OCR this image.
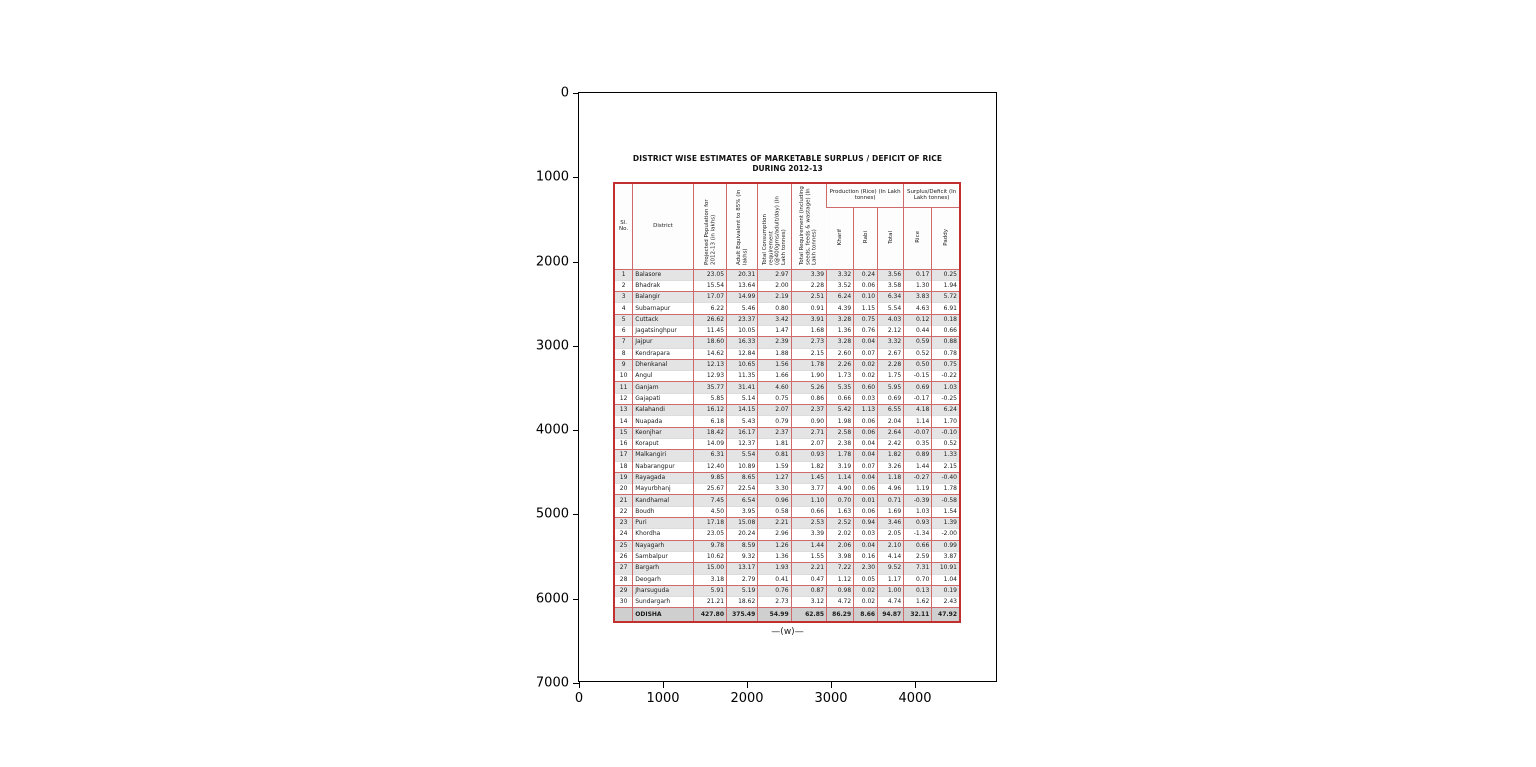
DISTRICT WISE ESTIMATES OF MARKETABLE SURPLUS / DEFICIT OF RICE
DURING 2012-13
Sl. No.	District	Projected Population for 2012-13 (in lakhs)	Adult Equivalent to 85% (in lakhs)	Total Consumption requirement (@400gms/adult/day) (In Lakh tonnes)	Total Requirement (including seeds, feeds & wastage) (In Lakh tonnes)	Production (Rice) (In Lakh tonnes)			Surplus/Deficit (In Lakh tonnes)	
						Kharif	Rabi	Total	Rice	Paddy
1	Balasore	23.05	20.31	2.97	3.39	3.32	0.24	3.56	0.17	0.25
2	Bhadrak	15.54	13.64	2.00	2.28	3.52	0.06	3.58	1.30	1.94
3	Balangir	17.07	14.99	2.19	2.51	6.24	0.10	6.34	3.83	5.72
4	Subarnapur	6.22	5.46	0.80	0.91	4.39	1.15	5.54	4.63	6.91
5	Cuttack	26.62	23.37	3.42	3.91	3.28	0.75	4.03	0.12	0.18
6	Jagatsinghpur	11.45	10.05	1.47	1.68	1.36	0.76	2.12	0.44	0.66
7	Jajpur	18.60	16.33	2.39	2.73	3.28	0.04	3.32	0.59	0.88
8	Kendrapara	14.62	12.84	1.88	2.15	2.60	0.07	2.67	0.52	0.78
9	Dhenkanal	12.13	10.65	1.56	1.78	2.26	0.02	2.28	0.50	0.75
10	Angul	12.93	11.35	1.66	1.90	1.73	0.02	1.75	-0.15	-0.22
11	Ganjam	35.77	31.41	4.60	5.26	5.35	0.60	5.95	0.69	1.03
12	Gajapati	5.85	5.14	0.75	0.86	0.66	0.03	0.69	-0.17	-0.25
13	Kalahandi	16.12	14.15	2.07	2.37	5.42	1.13	6.55	4.18	6.24
14	Nuapada	6.18	5.43	0.79	0.90	1.98	0.06	2.04	1.14	1.70
15	Keonjhar	18.42	16.17	2.37	2.71	2.58	0.06	2.64	-0.07	-0.10
16	Koraput	14.09	12.37	1.81	2.07	2.38	0.04	2.42	0.35	0.52
17	Malkangiri	6.31	5.54	0.81	0.93	1.78	0.04	1.82	0.89	1.33
18	Nabarangpur	12.40	10.89	1.59	1.82	3.19	0.07	3.26	1.44	2.15
19	Rayagada	9.85	8.65	1.27	1.45	1.14	0.04	1.18	-0.27	-0.40
20	Mayurbhanj	25.67	22.54	3.30	3.77	4.90	0.06	4.96	1.19	1.78
21	Kandhamal	7.45	6.54	0.96	1.10	0.70	0.01	0.71	-0.39	-0.58
22	Boudh	4.50	3.95	0.58	0.66	1.63	0.06	1.69	1.03	1.54
23	Puri	17.18	15.08	2.21	2.53	2.52	0.94	3.46	0.93	1.39
24	Khordha	23.05	20.24	2.96	3.39	2.02	0.03	2.05	-1.34	-2.00
25	Nayagarh	9.78	8.59	1.26	1.44	2.06	0.04	2.10	0.66	0.99
26	Sambalpur	10.62	9.32	1.36	1.55	3.98	0.16	4.14	2.59	3.87
27	Bargarh	15.00	13.17	1.93	2.21	7.22	2.30	9.52	7.31	10.91
28	Deogarh	3.18	2.79	0.41	0.47	1.12	0.05	1.17	0.70	1.04
29	Jharsuguda	5.91	5.19	0.76	0.87	0.98	0.02	1.00	0.13	0.19
30	Sundargarh	21.21	18.62	2.73	3.12	4.72	0.02	4.74	1.62	2.43
	ODISHA	427.80	375.49	54.99	62.85	86.29	8.66	94.87	32.11	47.92
—(w)—
0
1000
2000
3000
4000
5000
6000
7000
0	1000	2000	3000	4000
